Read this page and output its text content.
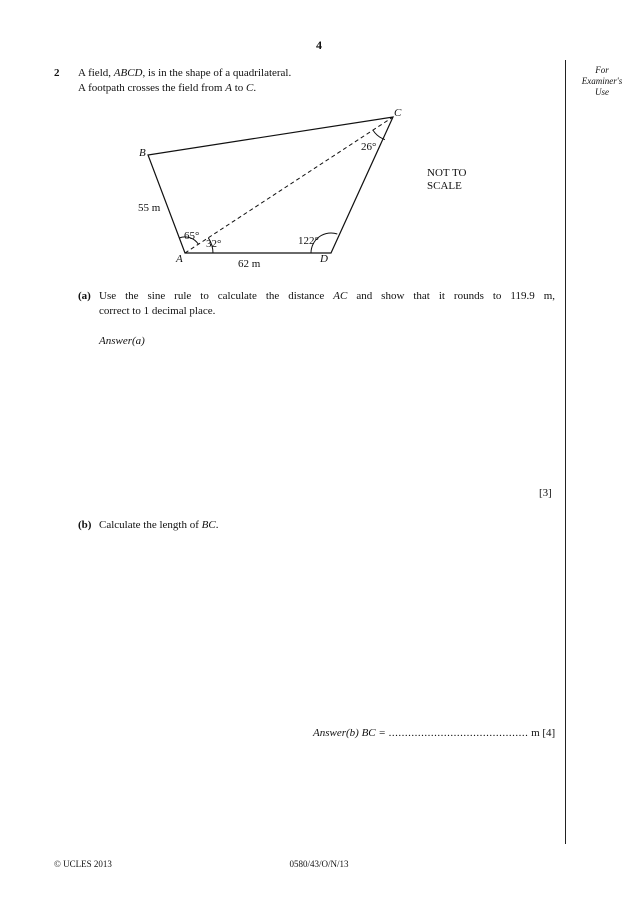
4
For
Examiner's
Use
2 A field, ABCD, is in the shape of a quadrilateral.
A footpath crosses the field from A to C.
A
B
C
D
55 m
62 m
65°
32°	122°
26°
NOT TO
SCALE
(a) Use the sine rule to calculate the distance AC and show that it rounds to 119.9 m,
correct to 1 decimal place.
Answer(a)
[3]
(b) Calculate the length of BC.
Answer(b) BC = ........................................... m [4]
© UCLES 2013	0580/43/O/N/13
